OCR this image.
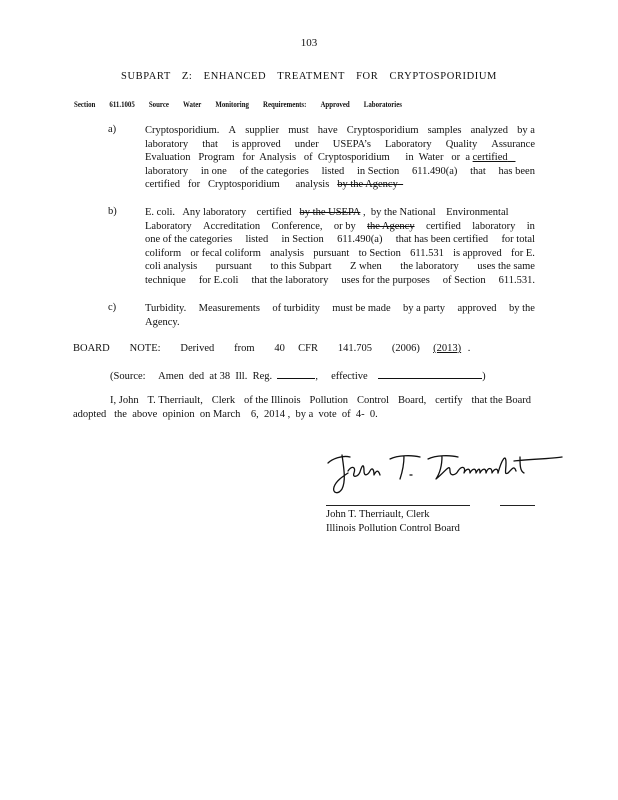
103
SUBPART Z: ENHANCED TREATMENT FOR CRYPTOSPORIDIUM
Section 611.1005 Source Water Monitoring Requirements: Approved Laboratories
a)	Cryptosporidium. A supplier must have Cryptosporidium samples analyzed by a
laboratory that is approved under USEPA’s Laboratory Quality Assurance
Evaluation   Program   for  Analysis   of  Cryptosporidium      in  Water   or  a certified

laboratory in one of the categories listed in Section 611.490(a) that has been
certified   for   Cryptosporidium      analysis by the Agency

b)	E. coli.   Any laboratory    certified by the USEPA ,  by the National    Environmental
Laboratory Accreditation Conference, or by the Agency certified laboratory in
one of the categories listed in Section 611.490(a) that has been certified for total
coliform or fecal coliform analysis pursuant to Section 611.531 is approved for E.
coli analysis pursuant to this Subpart Z when the laboratory uses the same
technique for E.coli that the laboratory uses for the purposes of Section 611.531.
c)	Turbidity. Measurements of turbidity must be made by a party approved by the
Agency.
BOARD   NOTE:   Derived   from   40  CFR   141.705   (2006)  (2013) .
(Source:     Amen  ded  at 38  Ill.  Reg.	,     effective	)
I, John T. Therriault, Clerk of the Illinois Pollution Control Board, certify that the Board
adopted   the  above  opinion  on March    6,  2014 ,  by a  vote  of  4-  0.
John T. Therriault, Clerk
Illinois Pollution Control Board
